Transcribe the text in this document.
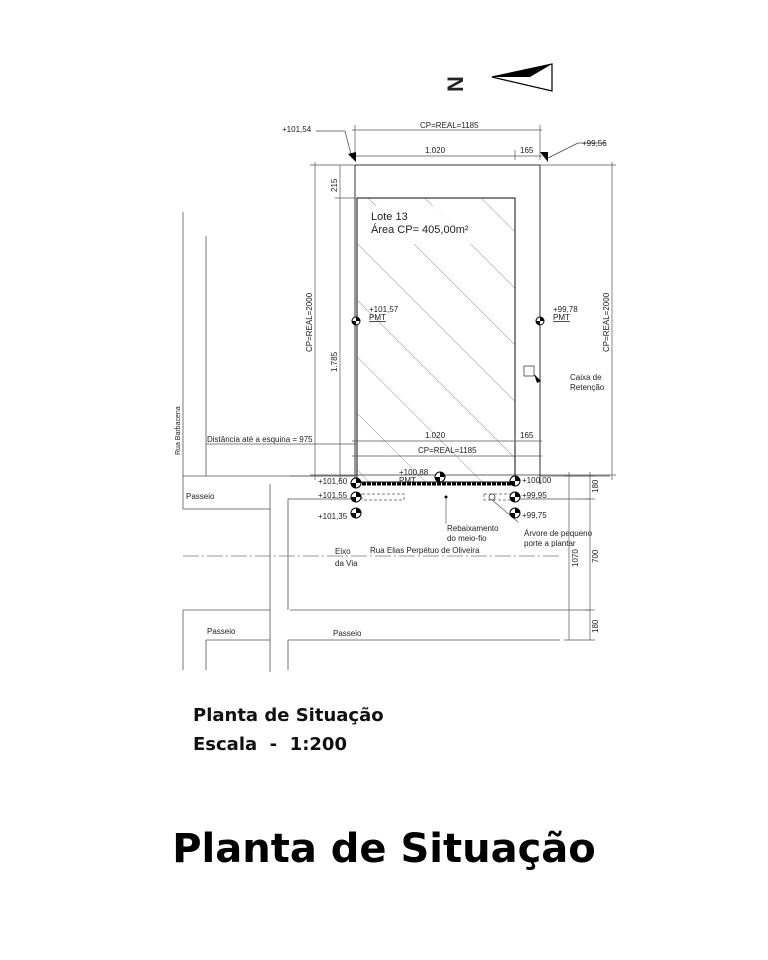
N
Lote 13
Área CP= 405,00m²
CP=REAL=1185
1.020	165
+101,54
+99,56
CP=REAL=2000
215
1.785
CP=REAL=2000
+101,57
PMT
+99,78
PMT
Caixa de
Retenção
Rua Barbacena	Distância até a esquina = 975	1.020	165
CP=REAL=1185
+100,88
PMT
+101,60
+101,55
+101,35
+100,00
+99,95
+99,75
Passeio
Rebaixamento
do meio-fio
Árvore de pequeno
porte a plantar
Eixo
da Via
Rua Elias Perpétuo de Oliveira
Passeio	Passeio
180
700
1070
180
Planta de Situação
Escala  -  1:200
Planta de Situação
